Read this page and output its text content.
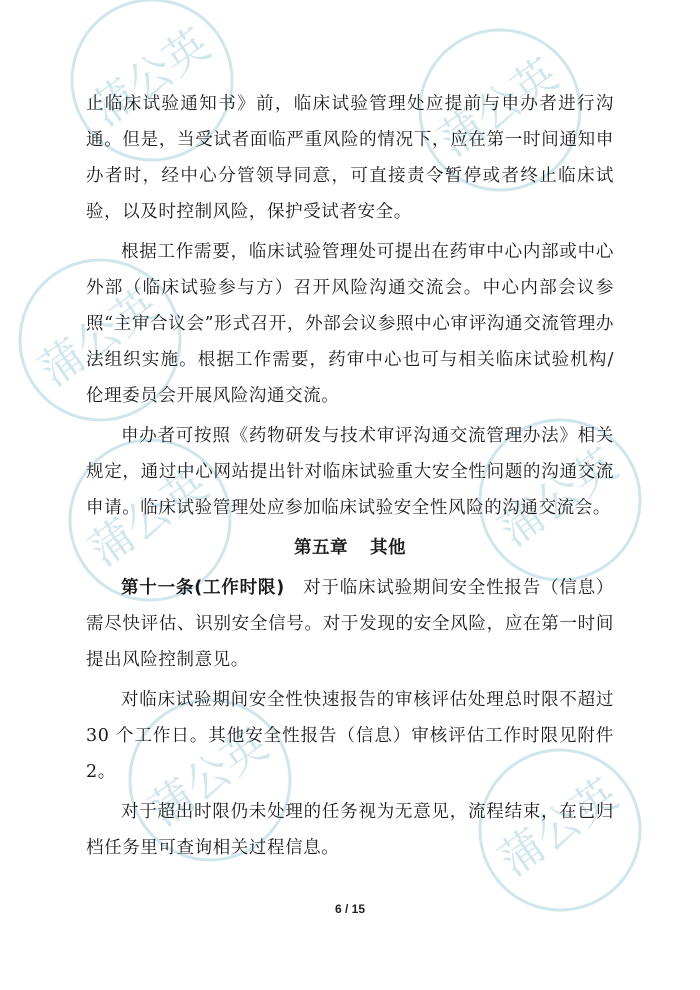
蒲公英	蒲公英
蒲公英
蒲公英
蒲公英
蒲公英	蒲公英

止临床试验通知书》前，临床试验管理处应提前与申办者进行沟通。但是，当受试者面临严重风险的情况下，应在第一时间通知申办者时，经中心分管领导同意，可直接责令暂停或者终止临床试验，以及时控制风险，保护受试者安全。

根据工作需要，临床试验管理处可提出在药审中心内部或中心外部（临床试验参与方）召开风险沟通交流会。中心内部会议参照“主审合议会”形式召开，外部会议参照中心审评沟通交流管理办法组织实施。根据工作需要，药审中心也可与相关临床试验机构/伦理委员会开展风险沟通交流。

申办者可按照《药物研发与技术审评沟通交流管理办法》相关规定，通过中心网站提出针对临床试验重大安全性问题的沟通交流申请。临床试验管理处应参加临床试验安全性风险的沟通交流会。

第五章 其他

第十一条(工作时限)  对于临床试验期间安全性报告（信息）需尽快评估、识别安全信号。对于发现的安全风险，应在第一时间提出风险控制意见。

对临床试验期间安全性快速报告的审核评估处理总时限不超过 30 个工作日。其他安全性报告（信息）审核评估工作时限见附件 2。

对于超出时限仍未处理的任务视为无意见，流程结束，在已归档任务里可查询相关过程信息。

6 / 15
